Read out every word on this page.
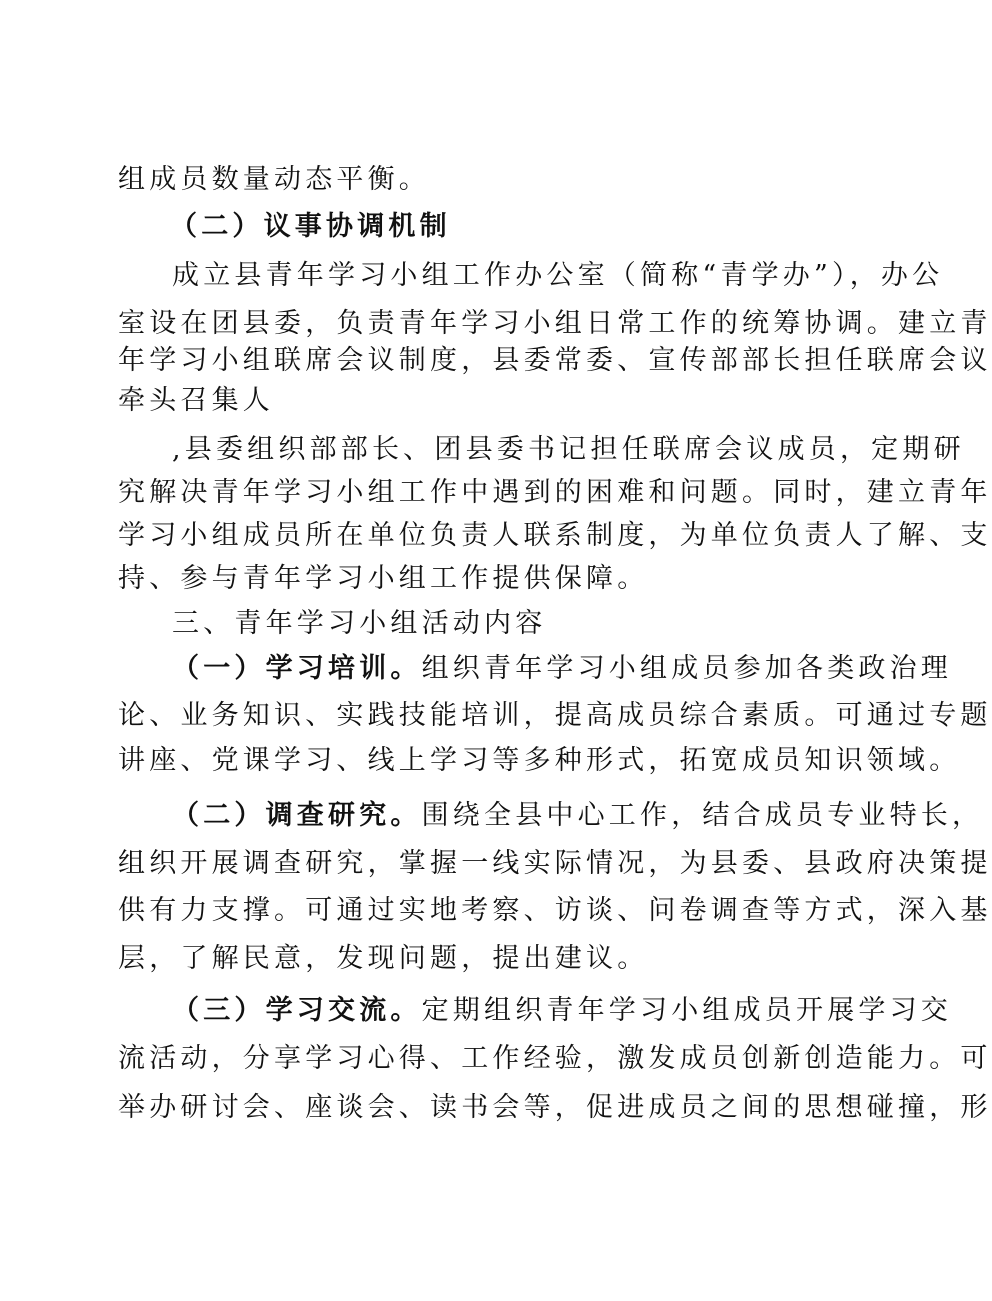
组成员数量动态平衡。
（二）议事协调机制
成立县青年学习小组工作办公室（简称“青学办”），办公
室设在团县委，负责青年学习小组日常工作的统筹协调。建立青
年学习小组联席会议制度，县委常委、宣传部部长担任联席会议
牵头召集人
,县委组织部部长、团县委书记担任联席会议成员，定期研
究解决青年学习小组工作中遇到的困难和问题。同时，建立青年
学习小组成员所在单位负责人联系制度，为单位负责人了解、支
持、参与青年学习小组工作提供保障。
三、青年学习小组活动内容
（一）学习培训。组织青年学习小组成员参加各类政治理
论、业务知识、实践技能培训，提高成员综合素质。可通过专题
讲座、党课学习、线上学习等多种形式，拓宽成员知识领域。
（二）调查研究。围绕全县中心工作，结合成员专业特长，
组织开展调查研究，掌握一线实际情况，为县委、县政府决策提
供有力支撑。可通过实地考察、访谈、问卷调查等方式，深入基
层，了解民意，发现问题，提出建议。
（三）学习交流。定期组织青年学习小组成员开展学习交
流活动，分享学习心得、工作经验，激发成员创新创造能力。可
举办研讨会、座谈会、读书会等，促进成员之间的思想碰撞，形
